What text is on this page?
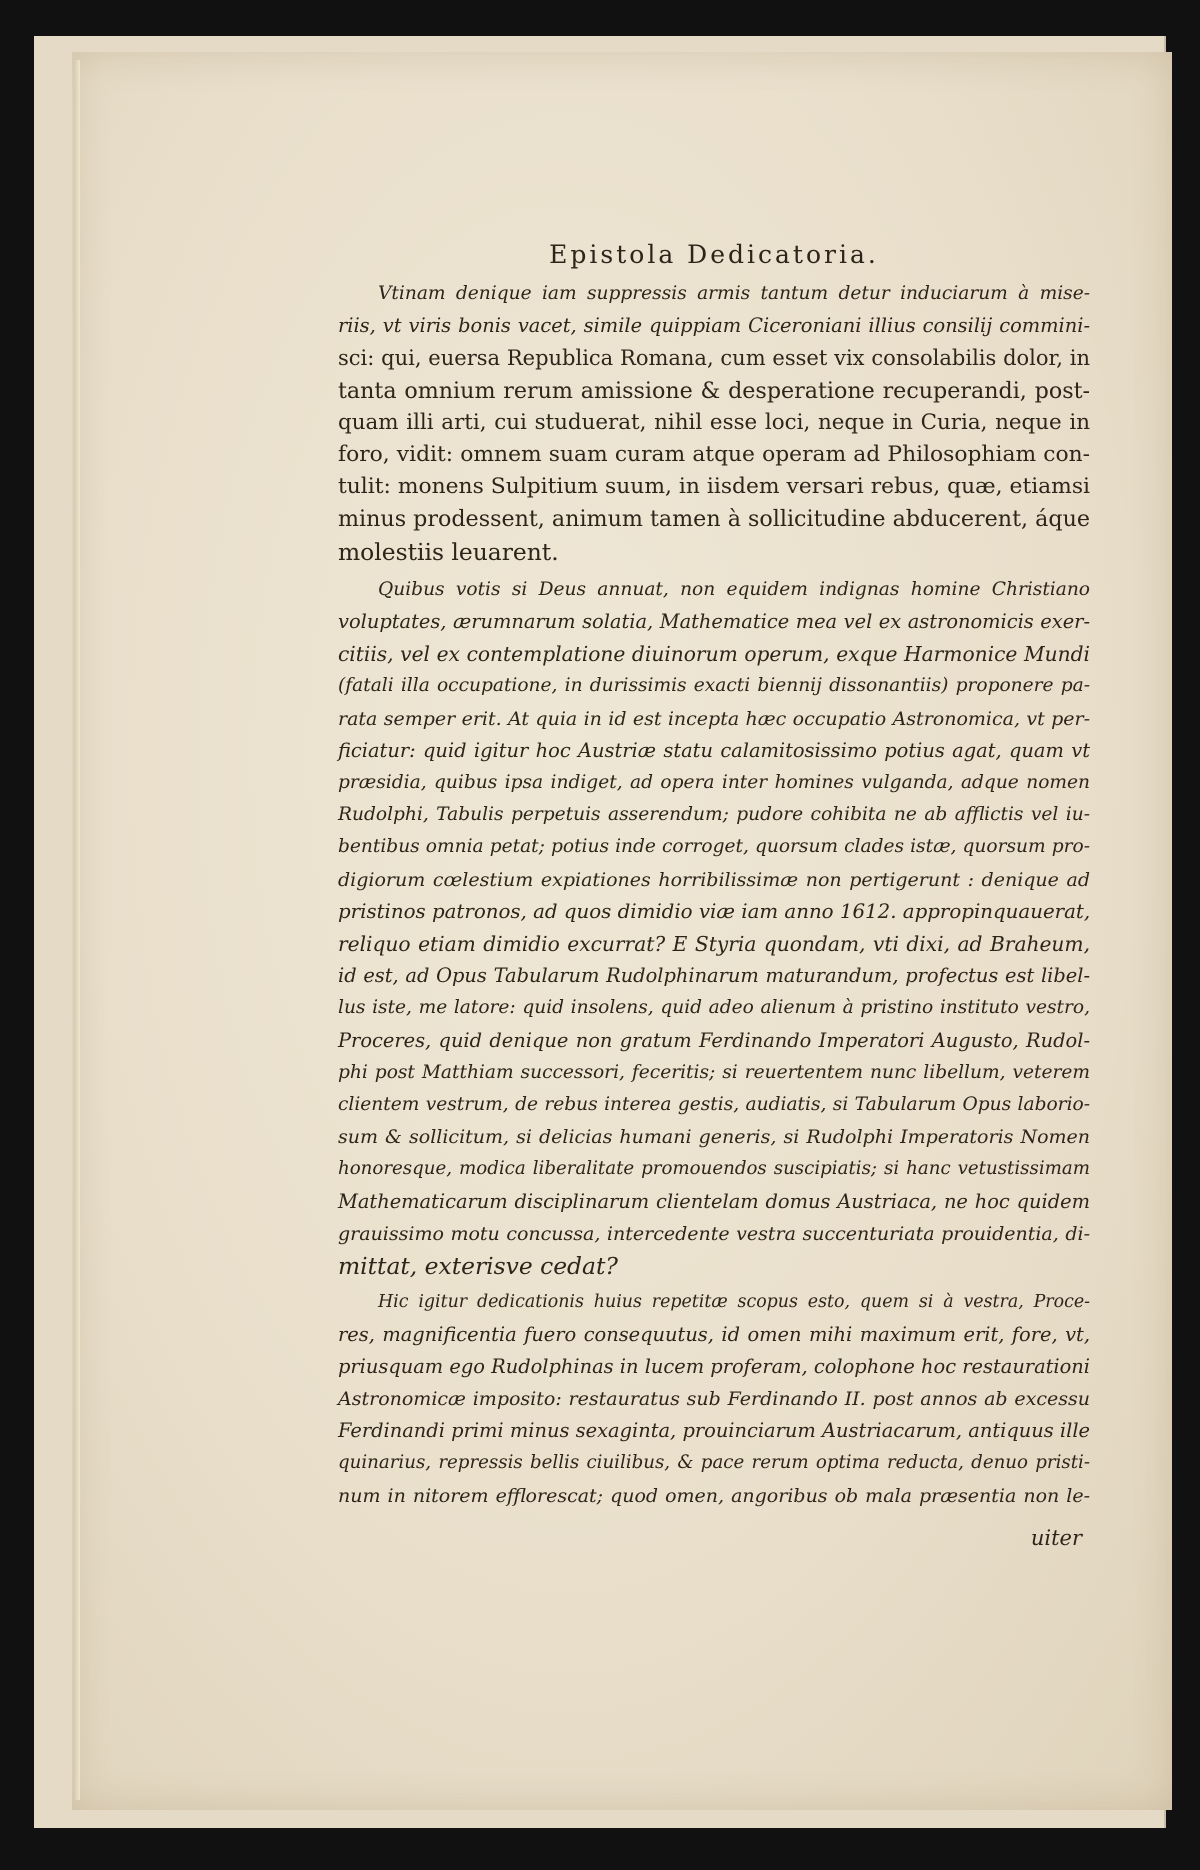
Epistola Dedicatoria.
Vtinam denique iam suppressis armis tantum detur induciarum à mise-
riis, vt viris bonis vacet, simile quippiam Ciceroniani illius consilij commini-
sci: qui, euersa Republica Romana, cum esset vix consolabilis dolor, in
tanta omnium rerum amissione & desperatione recuperandi, post-
quam illi arti, cui studuerat, nihil esse loci, neque in Curia, neque in
foro, vidit: omnem suam curam atque operam ad Philosophiam con-
tulit: monens Sulpitium suum, in iisdem versari rebus, quæ, etiamsi
minus prodessent, animum tamen à sollicitudine abducerent, áque
molestiis leuarent.
Quibus votis si Deus annuat, non equidem indignas homine Christiano
voluptates, ærumnarum solatia, Mathematice mea vel ex astronomicis exer-
citiis, vel ex contemplatione diuinorum operum, exque Harmonice Mundi
(fatali illa occupatione, in durissimis exacti biennij dissonantiis) proponere pa-
rata semper erit. At quia in id est incepta hæc occupatio Astronomica, vt per-
ficiatur: quid igitur hoc Austriæ statu calamitosissimo potius agat, quam vt
præsidia, quibus ipsa indiget, ad opera inter homines vulganda, adque nomen
Rudolphi, Tabulis perpetuis asserendum; pudore cohibita ne ab afflictis vel iu-
bentibus omnia petat; potius inde corroget, quorsum clades istæ, quorsum pro-
digiorum cœlestium expiationes horribilissimæ non pertigerunt : denique ad
pristinos patronos, ad quos dimidio viæ iam anno 1612. appropinquauerat,
reliquo etiam dimidio excurrat? E Styria quondam, vti dixi, ad Braheum,
id est, ad Opus Tabularum Rudolphinarum maturandum, profectus est libel-
lus iste, me latore: quid insolens, quid adeo alienum à pristino instituto vestro,
Proceres, quid denique non gratum Ferdinando Imperatori Augusto, Rudol-
phi post Matthiam successori, feceritis; si reuertentem nunc libellum, veterem
clientem vestrum, de rebus interea gestis, audiatis, si Tabularum Opus laborio-
sum & sollicitum, si delicias humani generis, si Rudolphi Imperatoris Nomen
honoresque, modica liberalitate promouendos suscipiatis; si hanc vetustissimam
Mathematicarum disciplinarum clientelam domus Austriaca, ne hoc quidem
grauissimo motu concussa, intercedente vestra succenturiata prouidentia, di-
mittat, exterisve cedat?
Hic igitur dedicationis huius repetitæ scopus esto, quem si à vestra, Proce-
res, magnificentia fuero consequutus, id omen mihi maximum erit, fore, vt,
priusquam ego Rudolphinas in lucem proferam, colophone hoc restaurationi
Astronomicæ imposito: restauratus sub Ferdinando II. post annos ab excessu
Ferdinandi primi minus sexaginta, prouinciarum Austriacarum, antiquus ille
quinarius, repressis bellis ciuilibus, & pace rerum optima reducta, denuo pristi-
num in nitorem efflorescat; quod omen, angoribus ob mala præsentia non le-
uiter
